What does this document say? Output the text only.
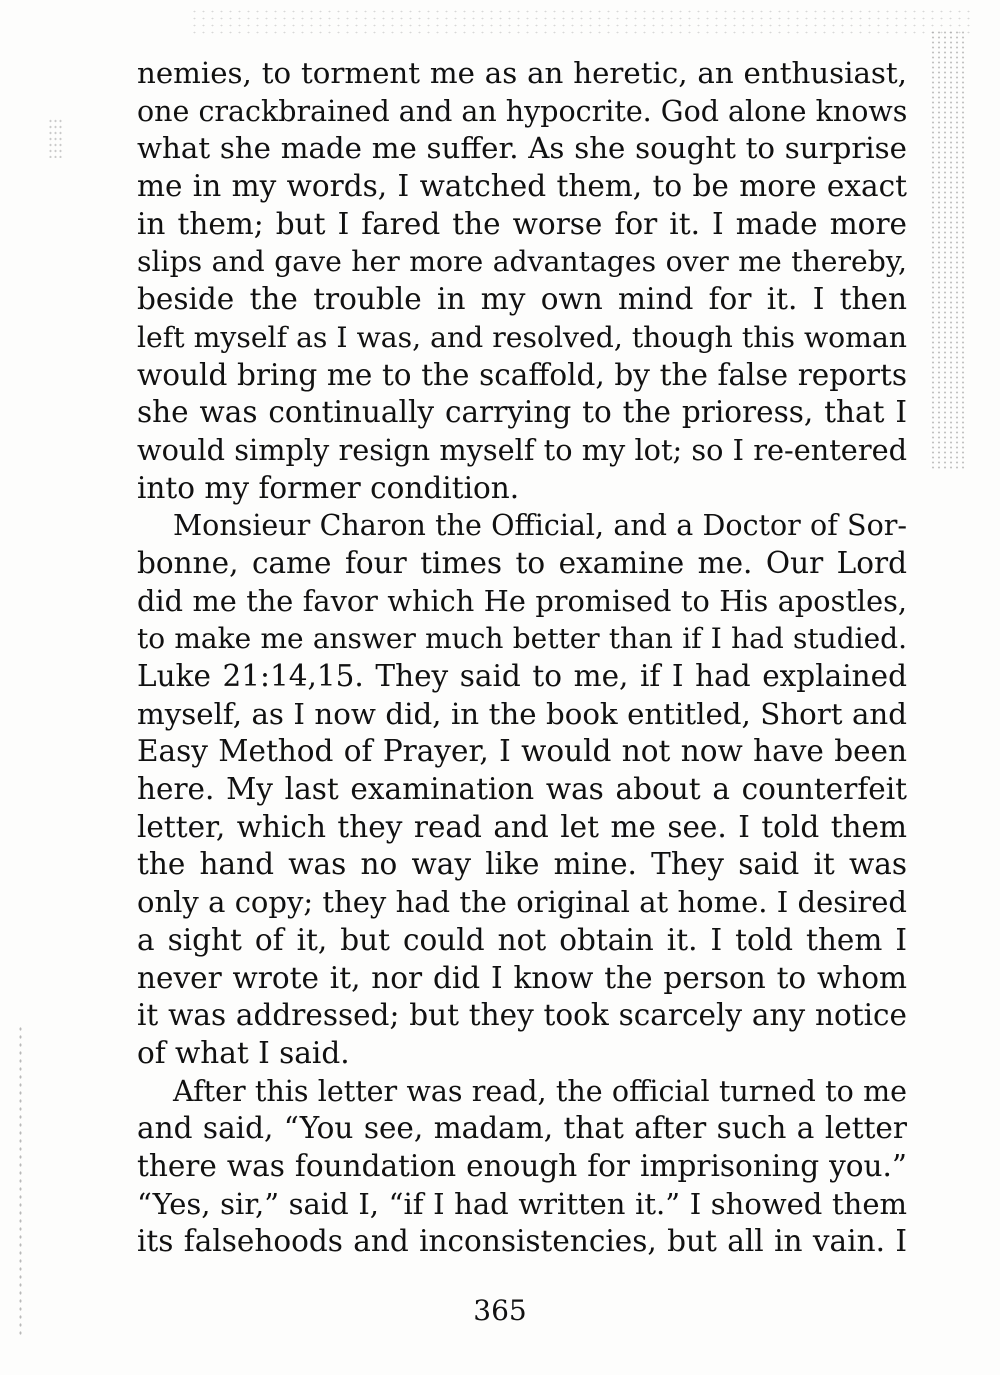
nemies, to torment me as an heretic, an enthusiast,
one crackbrained and an hypocrite. God alone knows
what she made me suffer. As she sought to surprise
me in my words, I watched them, to be more exact
in them; but I fared the worse for it. I made more
slips and gave her more advantages over me thereby,
beside the trouble in my own mind for it. I then
left myself as I was, and resolved, though this woman
would bring me to the scaffold, by the false reports
she was continually carrying to the prioress, that I
would simply resign myself to my lot; so I re-entered
into my former condition.
Monsieur Charon the Official, and a Doctor of Sor-
bonne, came four times to examine me. Our Lord
did me the favor which He promised to His apostles,
to make me answer much better than if I had studied.
Luke 21:14,15. They said to me, if I had explained
myself, as I now did, in the book entitled, Short and
Easy Method of Prayer, I would not now have been
here. My last examination was about a counterfeit
letter, which they read and let me see. I told them
the hand was no way like mine. They said it was
only a copy; they had the original at home. I desired
a sight of it, but could not obtain it. I told them I
never wrote it, nor did I know the person to whom
it was addressed; but they took scarcely any notice
of what I said.
After this letter was read, the official turned to me
and said, “You see, madam, that after such a letter
there was foundation enough for imprisoning you.”
“Yes, sir,” said I, “if I had written it.” I showed them
its falsehoods and inconsistencies, but all in vain. I
365
